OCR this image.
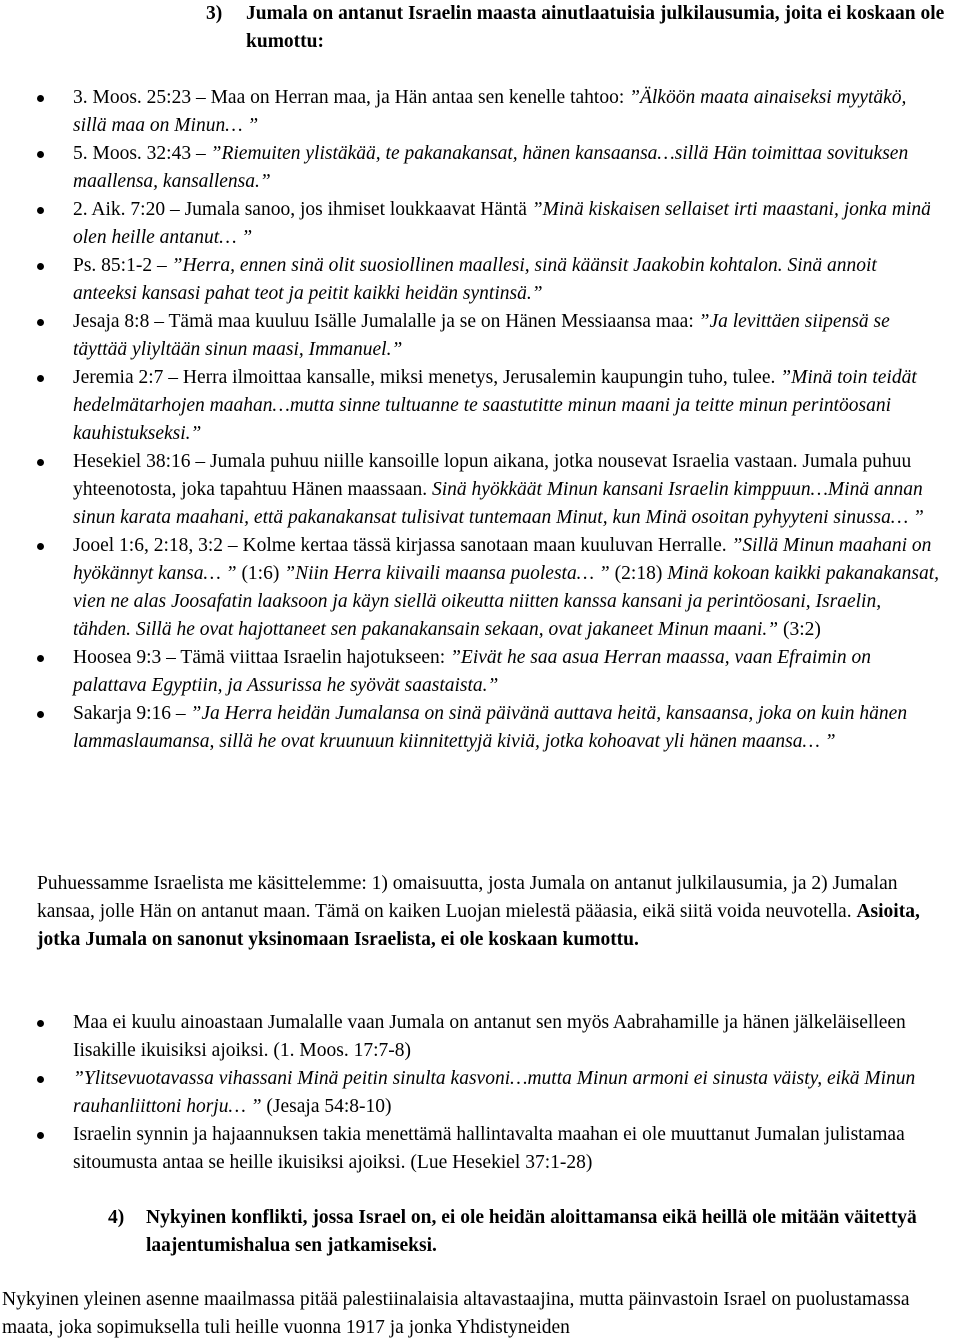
3) Jumala on antanut Israelin maasta ainutlaatuisia julkilausumia, joita ei koskaan ole kumottu:
3. Moos. 25:23 – Maa on Herran maa, ja Hän antaa sen kenelle tahtoo: ”Älköön maata ainaiseksi myytäkö, sillä maa on Minun… ”
5. Moos. 32:43 – ”Riemuiten ylistäkää, te pakanakansat, hänen kansaansa…sillä Hän toimittaa sovituksen maallensa, kansallensa.”
2. Aik. 7:20 – Jumala sanoo, jos ihmiset loukkaavat Häntä ”Minä kiskaisen sellaiset irti maastani, jonka minä olen heille antanut… ”
Ps. 85:1-2 – ”Herra, ennen sinä olit suosiollinen maallesi, sinä käänsit Jaakobin kohtalon. Sinä annoit anteeksi kansasi pahat teot ja peitit kaikki heidän syntinsä.”
Jesaja 8:8 – Tämä maa kuuluu Isälle Jumalalle ja se on Hänen Messiaansa maa: ”Ja levittäen siipensä se täyttää yliyltään sinun maasi, Immanuel.”
Jeremia 2:7 – Herra ilmoittaa kansalle, miksi menetys, Jerusalemin kaupungin tuho, tulee. ”Minä toin teidät hedelmätarhojen maahan…mutta sinne tultuanne te saastutitte minun maani ja teitte minun perintöosani kauhistukseksi.”
Hesekiel 38:16 – Jumala puhuu niille kansoille lopun aikana, jotka nousevat Israelia vastaan. Jumala puhuu yhteenotosta, joka tapahtuu Hänen maassaan. Sinä hyökkäät Minun kansani Israelin kimppuun…Minä annan sinun karata maahani, että pakanakansat tulisivat tuntemaan Minut, kun Minä osoitan pyhyyteni sinussa… ”
Jooel 1:6, 2:18, 3:2 – Kolme kertaa tässä kirjassa sanotaan maan kuuluvan Herralle. ”Sillä Minun maahani on hyökännyt kansa… ” (1:6) ”Niin Herra kiivaili maansa puolesta… ” (2:18) Minä kokoan kaikki pakanakansat, vien ne alas Joosafatin laaksoon ja käyn siellä oikeutta niitten kanssa kansani ja perintöosani, Israelin, tähden. Sillä he ovat hajottaneet sen pakanakansain sekaan, ovat jakaneet Minun maani.” (3:2)
Hoosea 9:3 – Tämä viittaa Israelin hajotukseen: ”Eivät he saa asua Herran maassa, vaan Efraimin on palattava Egyptiin, ja Assurissa he syövät saastaista.”
Sakarja 9:16 – ”Ja Herra heidän Jumalansa on sinä päivänä auttava heitä, kansaansa, joka on kuin hänen lammaslaumansa, sillä he ovat kruunuun kiinnitettyjä kiviä, jotka kohoavat yli hänen maansa… ”
Puhuessamme Israelista me käsittelemme: 1) omaisuutta, josta Jumala on antanut julkilausumia, ja 2) Jumalan kansaa, jolle Hän on antanut maan. Tämä on kaiken Luojan mielestä pääasia, eikä siitä voida neuvotella. Asioita, jotka Jumala on sanonut yksinomaan Israelista, ei ole koskaan kumottu.
Maa ei kuulu ainoastaan Jumalalle vaan Jumala on antanut sen myös Aabrahamille ja hänen jälkeläiselleen Iisakille ikuisiksi ajoiksi. (1. Moos. 17:7-8)
”Ylitsevuotavassa vihassani Minä peitin sinulta kasvoni…mutta Minun armoni ei sinusta väisty, eikä Minun rauhanliittoni horju… ” (Jesaja 54:8-10)
Israelin synnin ja hajaannuksen takia menettämä hallintavalta maahan ei ole muuttanut Jumalan julistamaa sitoumusta antaa se heille ikuisiksi ajoiksi. (Lue Hesekiel 37:1-28)
4) Nykyinen konflikti, jossa Israel on, ei ole heidän aloittamansa eikä heillä ole mitään väitettyä laajentumishalua sen jatkamiseksi.
Nykyinen yleinen asenne maailmassa pitää palestiinalaisia altavastaajina, mutta päinvastoin Israel on puolustamassa maata, joka sopimuksella tuli heille vuonna 1917 ja jonka Yhdistyneiden
